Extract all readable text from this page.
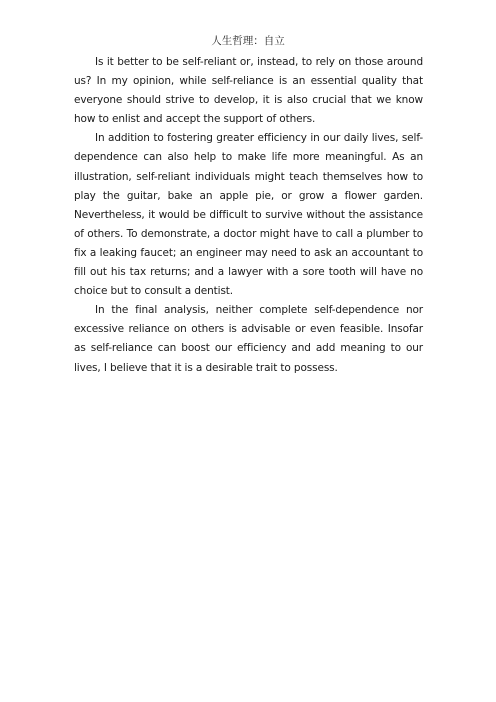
人生哲理：自立

Is it better to be self-reliant or, instead, to rely on those around us? In my opinion, while self-reliance is an essential quality that everyone should strive to develop, it is also crucial that we know how to enlist and accept the support of others.

In addition to fostering greater efficiency in our daily lives, self-dependence can also help to make life more meaningful. As an illustration, self-reliant individuals might teach themselves how to play the guitar, bake an apple pie, or grow a flower garden. Nevertheless, it would be difficult to survive without the assistance of others. To demonstrate, a doctor might have to call a plumber to fix a leaking faucet; an engineer may need to ask an accountant to fill out his tax returns; and a lawyer with a sore tooth will have no choice but to consult a dentist.

In the final analysis, neither complete self-dependence nor excessive reliance on others is advisable or even feasible. Insofar as self-reliance can boost our efficiency and add meaning to our lives, I believe that it is a desirable trait to possess.
